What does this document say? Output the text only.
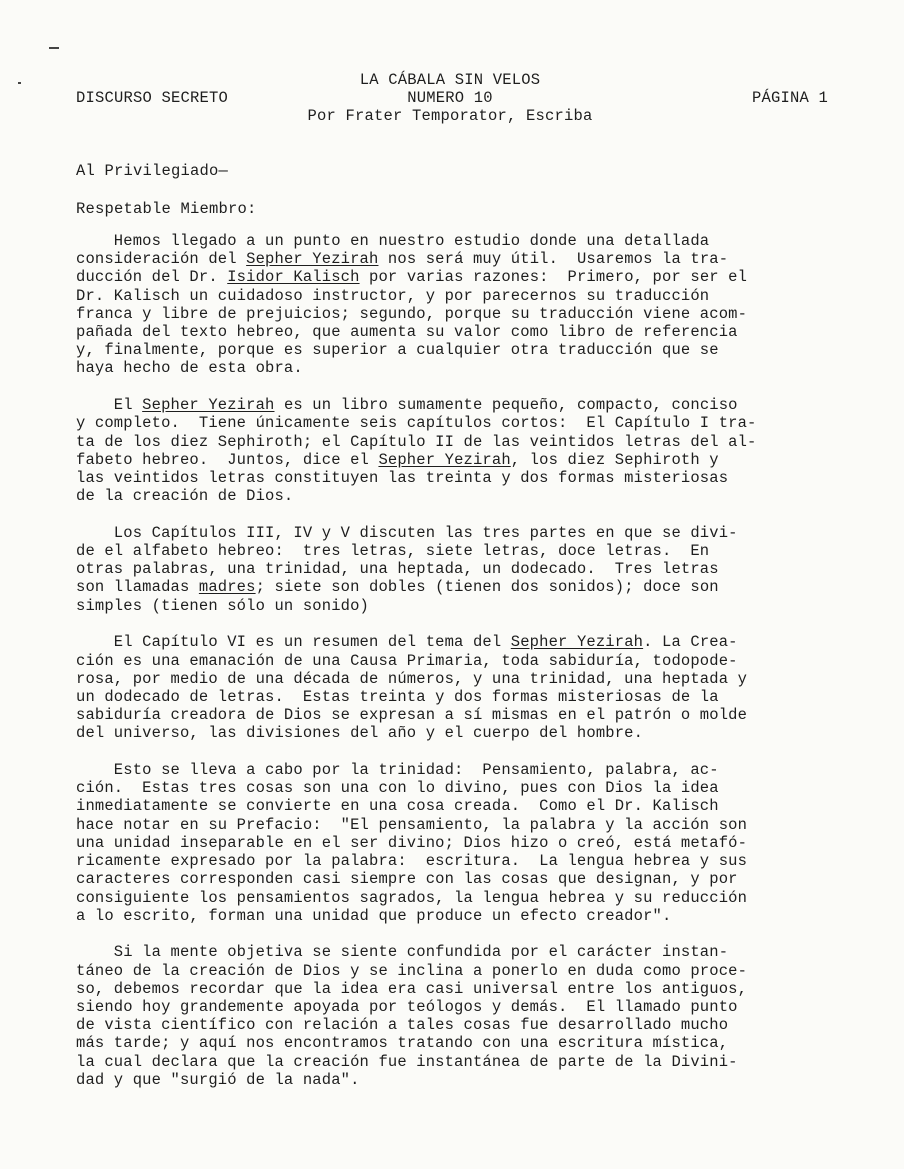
DISCURSO SECRETO
LA CÁBALA SIN VELOS
NUMERO 10
Por Frater Temporator, Escriba
PÁGINA 1
Al Privilegiado—
Respetable Miembro:
Hemos llegado a un punto en nuestro estudio donde una detallada
consideración del Sepher Yezirah nos será muy útil.  Usaremos la tra-
ducción del Dr. Isidor Kalisch por varias razones:  Primero, por ser el
Dr. Kalisch un cuidadoso instructor, y por parecernos su traducción
franca y libre de prejuicios; segundo, porque su traducción viene acom-
pañada del texto hebreo, que aumenta su valor como libro de referencia
y, finalmente, porque es superior a cualquier otra traducción que se
haya hecho de esta obra.
El Sepher Yezirah es un libro sumamente pequeño, compacto, conciso
y completo.  Tiene únicamente seis capítulos cortos:  El Capítulo I tra-
ta de los diez Sephiroth; el Capítulo II de las veintidos letras del al-
fabeto hebreo.  Juntos, dice el Sepher Yezirah, los diez Sephiroth y
las veintidos letras constituyen las treinta y dos formas misteriosas
de la creación de Dios.
Los Capítulos III, IV y V discuten las tres partes en que se divi-
de el alfabeto hebreo:  tres letras, siete letras, doce letras.  En
otras palabras, una trinidad, una heptada, un dodecado.  Tres letras
son llamadas madres; siete son dobles (tienen dos sonidos); doce son
simples (tienen sólo un sonido)
El Capítulo VI es un resumen del tema del Sepher Yezirah. La Crea-
ción es una emanación de una Causa Primaria, toda sabiduría, todopode-
rosa, por medio de una década de números, y una trinidad, una heptada y
un dodecado de letras.  Estas treinta y dos formas misteriosas de la
sabiduría creadora de Dios se expresan a sí mismas en el patrón o molde
del universo, las divisiones del año y el cuerpo del hombre.
Esto se lleva a cabo por la trinidad:  Pensamiento, palabra, ac-
ción.  Estas tres cosas son una con lo divino, pues con Dios la idea
inmediatamente se convierte en una cosa creada.  Como el Dr. Kalisch
hace notar en su Prefacio:  "El pensamiento, la palabra y la acción son
una unidad inseparable en el ser divino; Dios hizo o creó, está metafó-
ricamente expresado por la palabra:  escritura.  La lengua hebrea y sus
caracteres corresponden casi siempre con las cosas que designan, y por
consiguiente los pensamientos sagrados, la lengua hebrea y su reducción
a lo escrito, forman una unidad que produce un efecto creador".
Si la mente objetiva se siente confundida por el carácter instan-
táneo de la creación de Dios y se inclina a ponerlo en duda como proce-
so, debemos recordar que la idea era casi universal entre los antiguos,
siendo hoy grandemente apoyada por teólogos y demás.  El llamado punto
de vista científico con relación a tales cosas fue desarrollado mucho
más tarde; y aquí nos encontramos tratando con una escritura mística,
la cual declara que la creación fue instantánea de parte de la Divini-
dad y que "surgió de la nada".
